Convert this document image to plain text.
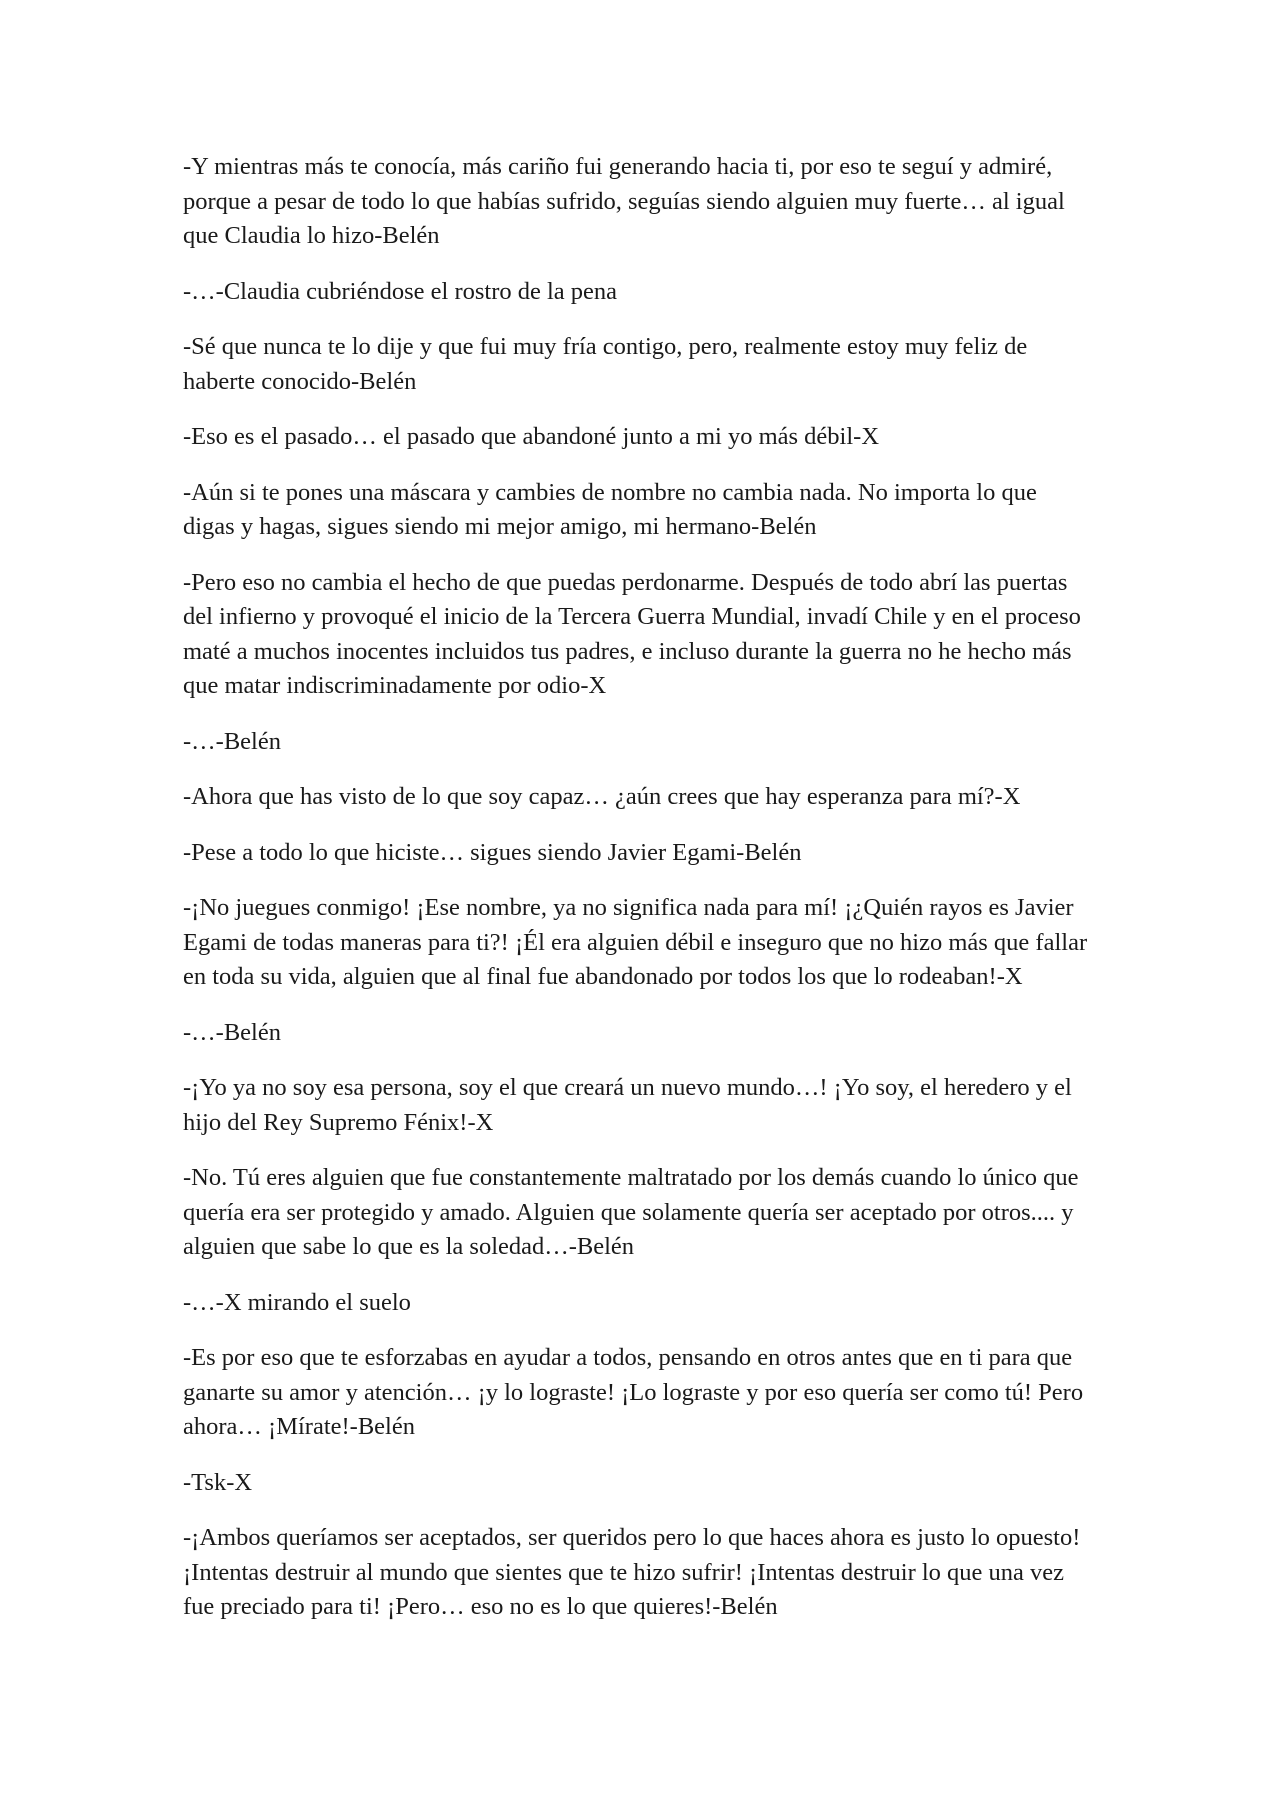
-Y mientras más te conocía, más cariño fui generando hacia ti, por eso te seguí y admiré, porque a pesar de todo lo que habías sufrido, seguías siendo alguien muy fuerte… al igual que Claudia lo hizo-Belén

-…-Claudia cubriéndose el rostro de la pena

-Sé que nunca te lo dije y que fui muy fría contigo, pero, realmente estoy muy feliz de haberte conocido-Belén

-Eso es el pasado… el pasado que abandoné junto a mi yo más débil-X

-Aún si te pones una máscara y cambies de nombre no cambia nada. No importa lo que digas y hagas, sigues siendo mi mejor amigo, mi hermano-Belén

-Pero eso no cambia el hecho de que puedas perdonarme. Después de todo abrí las puertas del infierno y provoqué el inicio de la Tercera Guerra Mundial, invadí Chile y en el proceso maté a muchos inocentes incluidos tus padres, e incluso durante la guerra no he hecho más que matar indiscriminadamente por odio-X

-…-Belén

-Ahora que has visto de lo que soy capaz… ¿aún crees que hay esperanza para mí?-X

-Pese a todo lo que hiciste… sigues siendo Javier Egami-Belén

-¡No juegues conmigo! ¡Ese nombre, ya no significa nada para mí! ¡¿Quién rayos es Javier Egami de todas maneras para ti?! ¡Él era alguien débil e inseguro que no hizo más que fallar en toda su vida, alguien que al final fue abandonado por todos los que lo rodeaban!-X

-…-Belén

-¡Yo ya no soy esa persona, soy el que creará un nuevo mundo…! ¡Yo soy, el heredero y el hijo del Rey Supremo Fénix!-X

-No. Tú eres alguien que fue constantemente maltratado por los demás cuando lo único que quería era ser protegido y amado. Alguien que solamente quería ser aceptado por otros.... y alguien que sabe lo que es la soledad…-Belén

-…-X mirando el suelo

-Es por eso que te esforzabas en ayudar a todos, pensando en otros antes que en ti para que ganarte su amor y atención… ¡y lo lograste! ¡Lo lograste y por eso quería ser como tú! Pero ahora… ¡Mírate!-Belén

-Tsk-X

-¡Ambos queríamos ser aceptados, ser queridos pero lo que haces ahora es justo lo opuesto! ¡Intentas destruir al mundo que sientes que te hizo sufrir! ¡Intentas destruir lo que una vez fue preciado para ti! ¡Pero… eso no es lo que quieres!-Belén
